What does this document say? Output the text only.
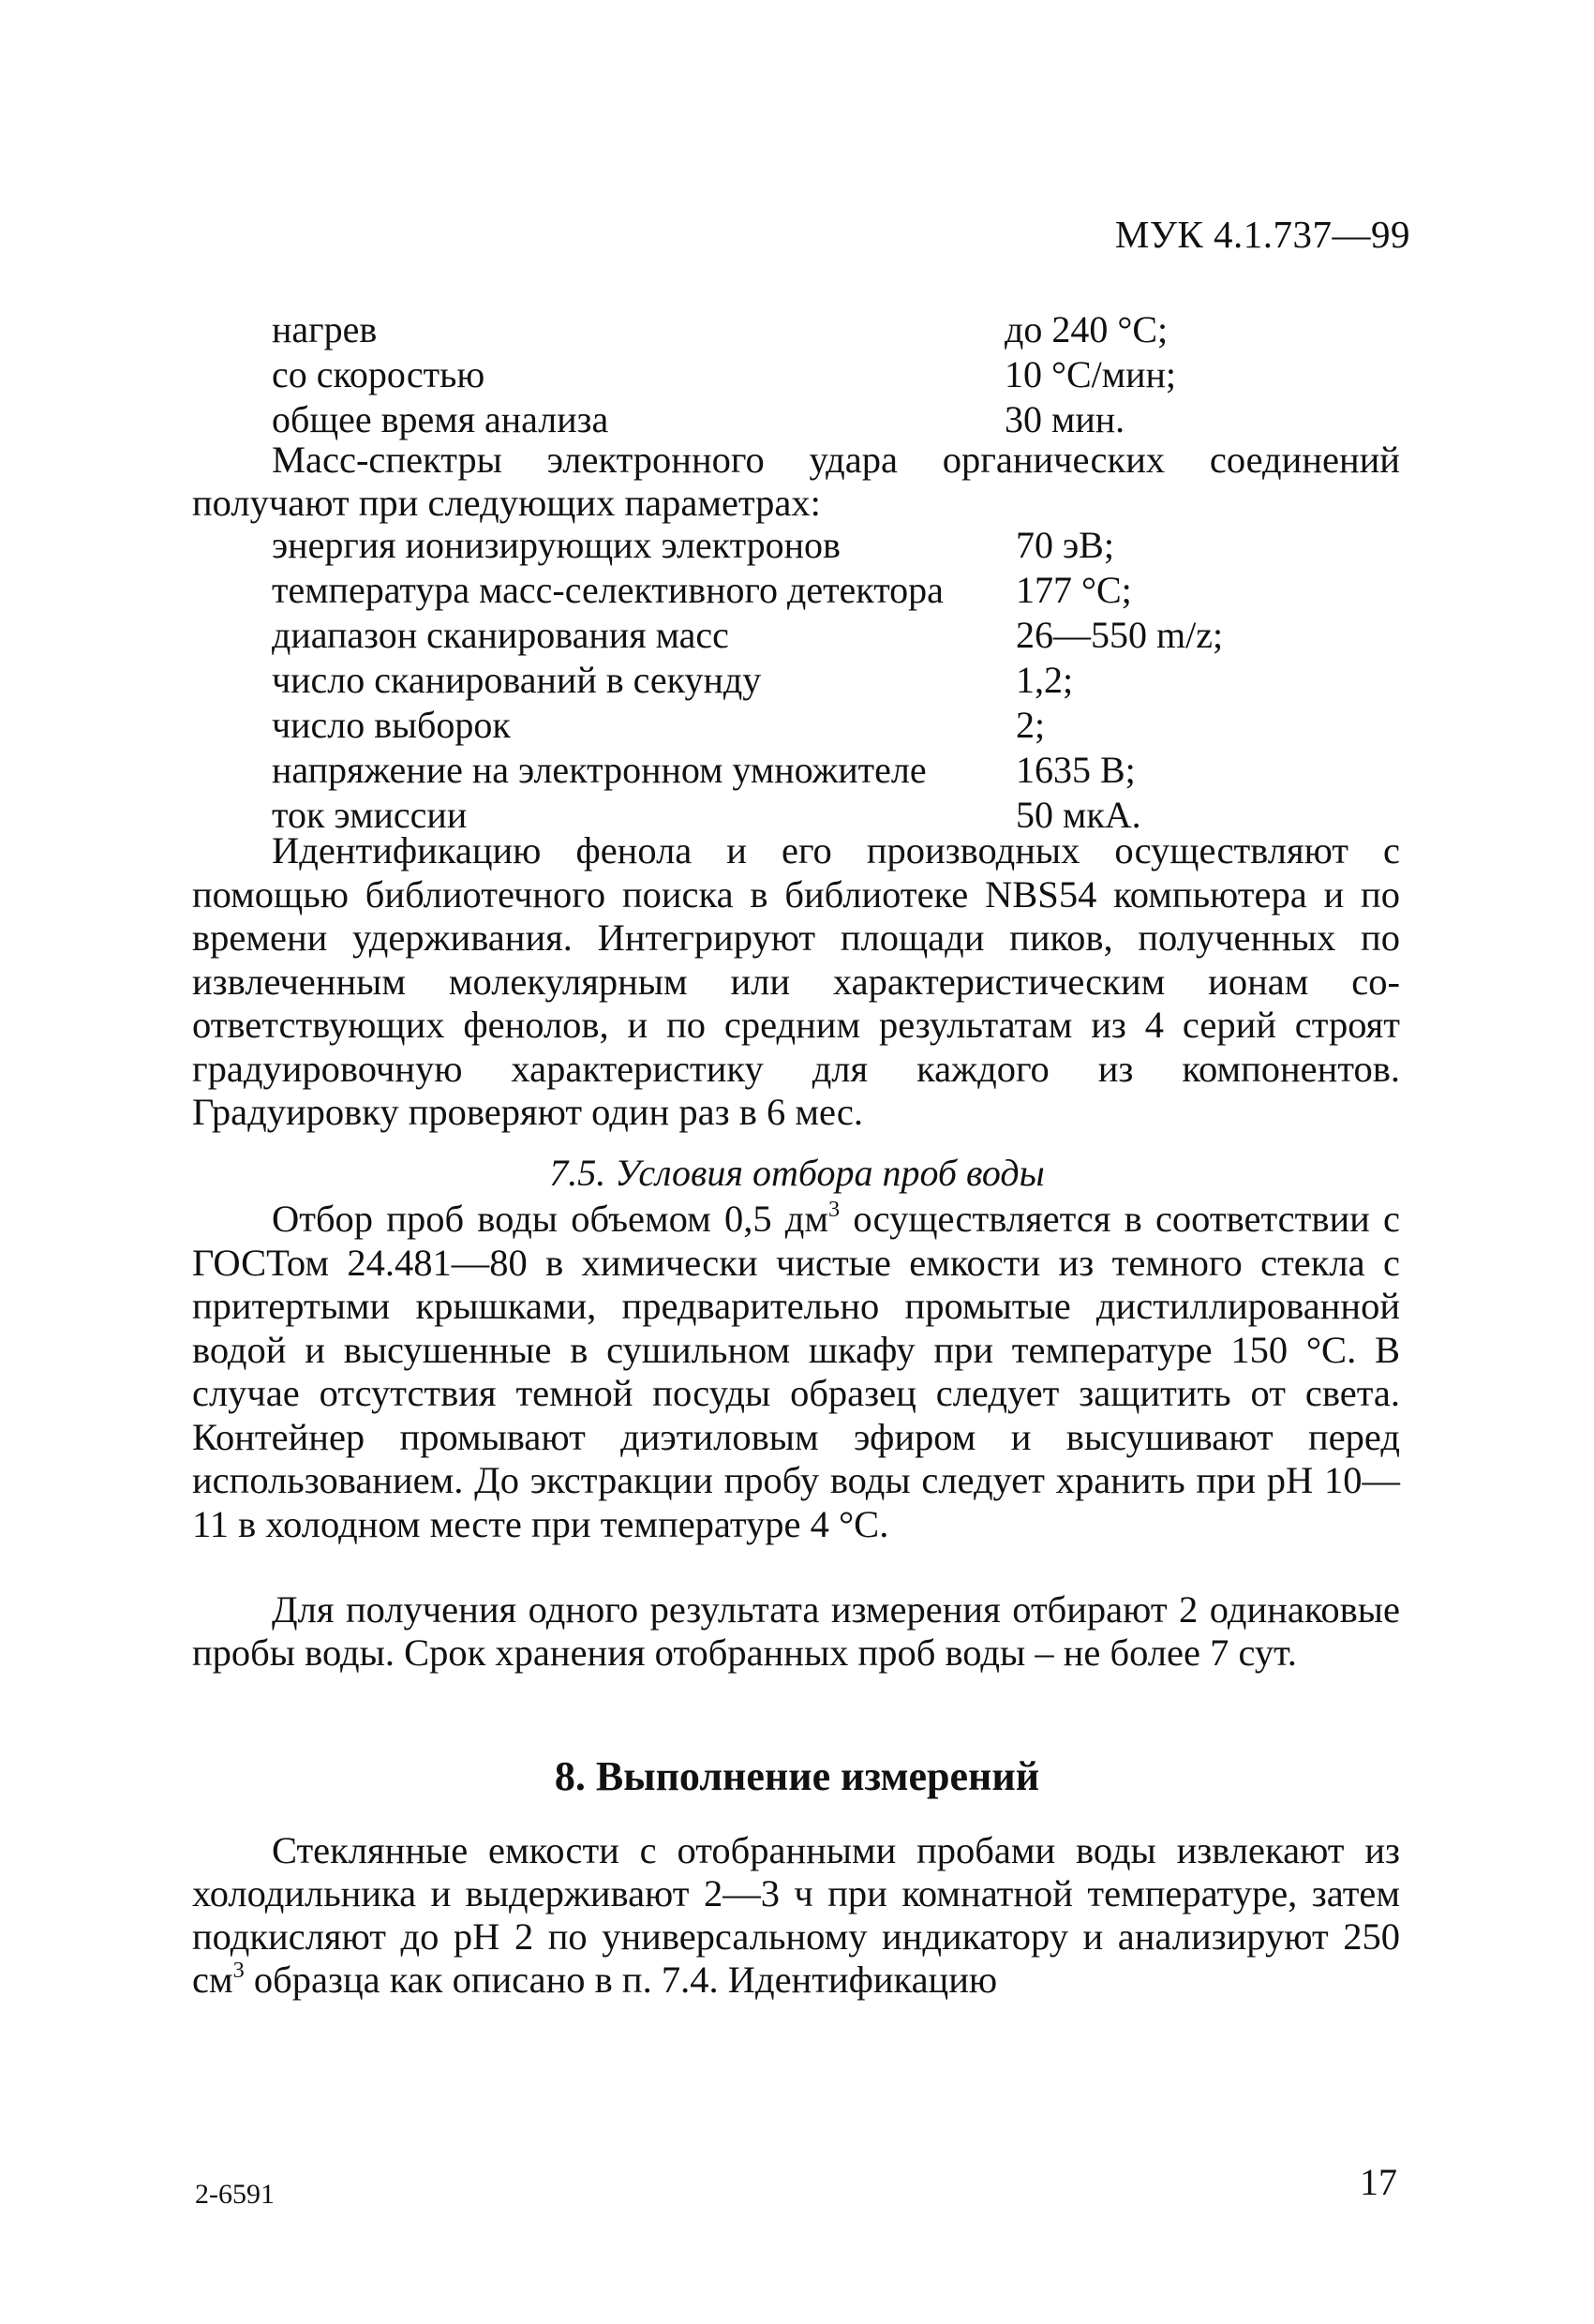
МУК 4.1.737—99
нагрев	до 240 °С;
со скоростью	10 °С/мин;
общее время анализа	30 мин.

Масс-спектры электронного удара органических соединений получают при следующих параметрах:

энергия ионизирующих электронов	70 эВ;
температура масс-селективного детектора 177 °С;
диапазон сканирования масс	26—550 m/z;
число сканирований в секунду	1,2;
число выборок	2;
напряжение на электронном умножителе 1635 В;
ток эмиссии	50 мкА.

Идентификацию фенола и его производных осуществляют с помощью библиотечного поиска в библиотеке NBS54 компьютера и по времени удерживания. Интегрируют площади пиков, полученных по извлеченным молекулярным или характеристическим ионам соответствующих фенолов, и по средним результатам из 4 серий строят градуировочную характеристику для каждого из компонентов. Градуировку проверяют один раз в 6 мес.

7.5. Условия отбора проб воды

Отбор проб воды объемом 0,5 $дм^3$ осуществляется в соответствии с ГОСТом 24.481—80 в химически чистые емкости из темного стекла с притертыми крышками, предварительно промытые дистиллированной водой и высушенные в сушильном шкафу при температуре 150 °С. В случае отсутствия темной посуды образец следует защитить от света. Контейнер промывают диэтиловым эфиром и высушивают перед использованием. До экстракции пробу воды следует хранить при pH 10—11 в холодном месте при температуре 4 °С.

Для получения одного результата измерения отбирают 2 одинаковые пробы воды. Срок хранения отобранных проб воды – не более 7 сут.

8. Выполнение измерений

Стеклянные емкости с отобранными пробами воды извлекают из холодильника и выдерживают 2—3 ч при комнатной температуре, затем подкисляют до pH 2 по универсальному индикатору и анализируют 250 $см^3$ образца как описано в п. 7.4. Идентификацию

2-6591	17
